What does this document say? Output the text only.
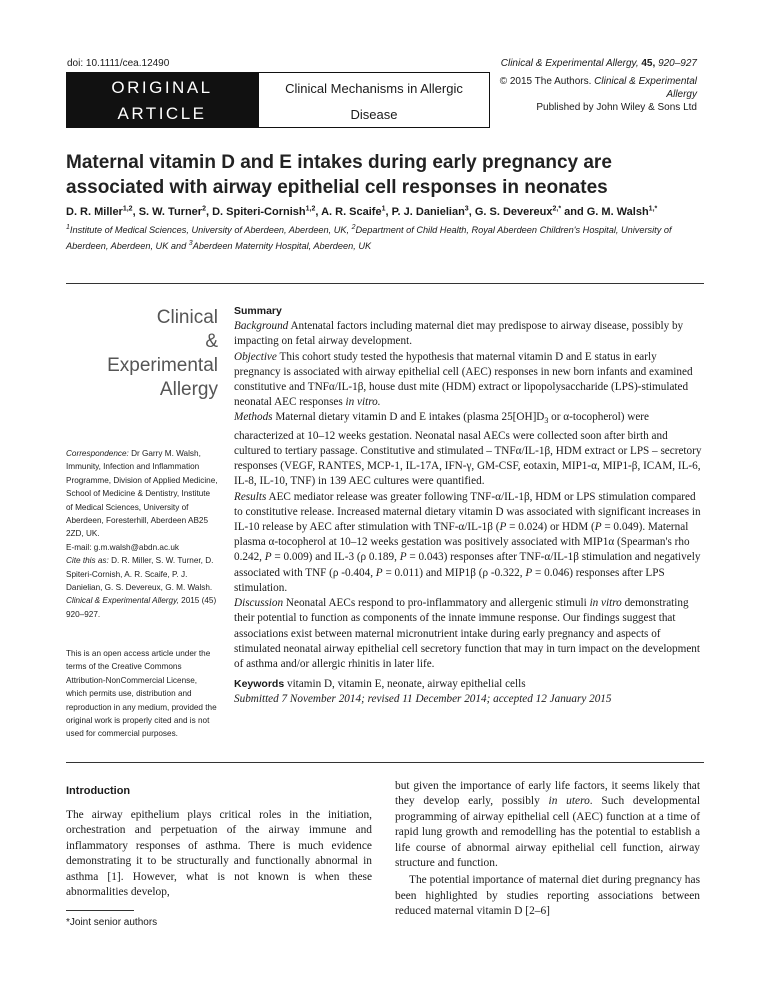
doi: 10.1111/cea.12490	Clinical & Experimental Allergy, 45, 920–927
ORIGINAL
ARTICLE
Clinical Mechanisms in Allergic
Disease
© 2015 The Authors. Clinical & Experimental Allergy
Published by John Wiley & Sons Ltd
Maternal vitamin D and E intakes during early pregnancy are associated with airway epithelial cell responses in neonates
D. R. Miller$^{1,2}$, S. W. Turner$^2$, D. Spiteri-Cornish$^{1,2}$, A. R. Scaife$^1$, P. J. Danielian$^3$, G. S. Devereux$^{2,*}$ and G. M. Walsh$^{1,*}$
$^1$Institute of Medical Sciences, University of Aberdeen, Aberdeen, UK, $^2$Department of Child Health, Royal Aberdeen Children's Hospital, University of Aberdeen, Aberdeen, UK and $^3$Aberdeen Maternity Hospital, Aberdeen, UK
Clinical
&
Experimental
Allergy
Correspondence: Dr Garry M. Walsh, Immunity, Infection and Inflammation Programme, Division of Applied Medicine, School of Medicine & Dentistry, Institute of Medical Sciences, University of Aberdeen, Foresterhill, Aberdeen AB25 2ZD, UK.
E-mail: g.m.walsh@abdn.ac.uk
Cite this as: D. R. Miller, S. W. Turner, D. Spiteri-Cornish, A. R. Scaife, P. J. Danielian, G. S. Devereux, G. M. Walsh. Clinical & Experimental Allergy, 2015 (45) 920–927.
This is an open access article under the terms of the Creative Commons Attribution-NonCommercial License, which permits use, distribution and reproduction in any medium, provided the original work is properly cited and is not used for commercial purposes.
Summary
Background Antenatal factors including maternal diet may predispose to airway disease, possibly by impacting on fetal airway development.
Objective This cohort study tested the hypothesis that maternal vitamin D and E status in early pregnancy is associated with airway epithelial cell (AEC) responses in new born infants and examined constitutive and TNFα/IL-1β, house dust mite (HDM) extract or lipopolysaccharide (LPS)-stimulated neonatal AEC responses in vitro.
Methods Maternal dietary vitamin D and E intakes (plasma $25[OH]D_3$ or α-tocopherol) were characterized at 10–12 weeks gestation. Neonatal nasal AECs were collected soon after birth and cultured to tertiary passage. Constitutive and stimulated – TNFα/IL-1β, HDM extract or LPS – secretory responses (VEGF, RANTES, MCP-1, IL-17A, IFN-γ, GM-CSF, eotaxin, MIP1-α, MIP1-β, ICAM, IL-6, IL-8, IL-10, TNF) in 139 AEC cultures were quantified.
Results AEC mediator release was greater following TNF-α/IL-1β, HDM or LPS stimulation compared to constitutive release. Increased maternal dietary vitamin D was associated with significant increases in IL-10 release by AEC after stimulation with TNF-α/IL-1β (P = 0.024) or HDM (P = 0.049). Maternal plasma α-tocopherol at 10–12 weeks gestation was positively associated with MIP1α (Spearman's rho 0.242, P = 0.009) and IL-3 (ρ 0.189, P = 0.043) responses after TNF-α/IL-1β stimulation and negatively associated with TNF (ρ -0.404, P = 0.011) and MIP1β (ρ -0.322, P = 0.046) responses after LPS stimulation.
Discussion Neonatal AECs respond to pro-inflammatory and allergenic stimuli in vitro demonstrating their potential to function as components of the innate immune response. Our findings suggest that associations exist between maternal micronutrient intake during early pregnancy and aspects of stimulated neonatal airway epithelial cell secretory function that may in turn impact on the development of asthma and/or allergic rhinitis in later life.
Keywords vitamin D, vitamin E, neonate, airway epithelial cells
Submitted 7 November 2014; revised 11 December 2014; accepted 12 January 2015
Introduction

The airway epithelium plays critical roles in the initiation, orchestration and perpetuation of the airway immune and inflammatory responses of asthma. There is much evidence demonstrating it to be structurally and functionally abnormal in asthma [1]. However, what is not known is when these abnormalities develop,

but given the importance of early life factors, it seems likely that they develop early, possibly in utero. Such developmental programming of airway epithelial cell (AEC) function at a time of rapid lung growth and remodelling has the potential to establish a life course of abnormal airway epithelial cell function, airway structure and function.

The potential importance of maternal diet during pregnancy has been highlighted by studies reporting associations between reduced maternal vitamin D [2–6]

*Joint senior authors
